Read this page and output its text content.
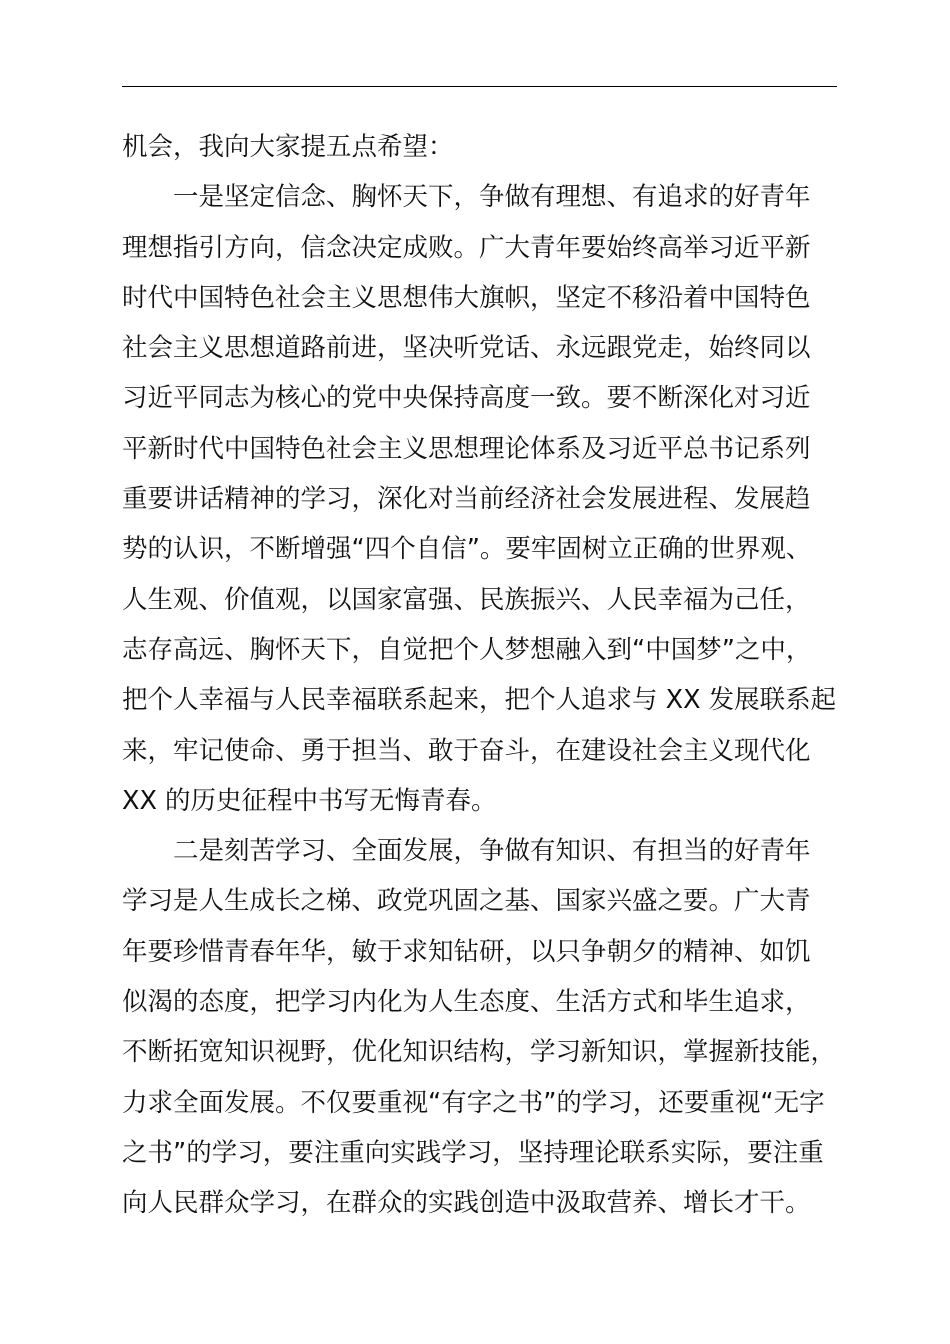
机会，我向大家提五点希望：
一是坚定信念、胸怀天下，争做有理想、有追求的好青年
理想指引方向，信念决定成败。广大青年要始终高举习近平新
时代中国特色社会主义思想伟大旗帜，坚定不移沿着中国特色
社会主义思想道路前进，坚决听党话、永远跟党走，始终同以
习近平同志为核心的党中央保持高度一致。要不断深化对习近
平新时代中国特色社会主义思想理论体系及习近平总书记系列
重要讲话精神的学习，深化对当前经济社会发展进程、发展趋
势的认识，不断增强“四个自信”。要牢固树立正确的世界观、
人生观、价值观，以国家富强、民族振兴、人民幸福为己任，
志存高远、胸怀天下，自觉把个人梦想融入到“中国梦”之中，
把个人幸福与人民幸福联系起来，把个人追求与 XX 发展联系起
来，牢记使命、勇于担当、敢于奋斗，在建设社会主义现代化
XX 的历史征程中书写无悔青春。
二是刻苦学习、全面发展，争做有知识、有担当的好青年
学习是人生成长之梯、政党巩固之基、国家兴盛之要。广大青
年要珍惜青春年华，敏于求知钻研，以只争朝夕的精神、如饥
似渴的态度，把学习内化为人生态度、生活方式和毕生追求，
不断拓宽知识视野，优化知识结构，学习新知识，掌握新技能，
力求全面发展。不仅要重视“有字之书”的学习，还要重视“无字
之书”的学习，要注重向实践学习，坚持理论联系实际，要注重
向人民群众学习，在群众的实践创造中汲取营养、增长才干。
